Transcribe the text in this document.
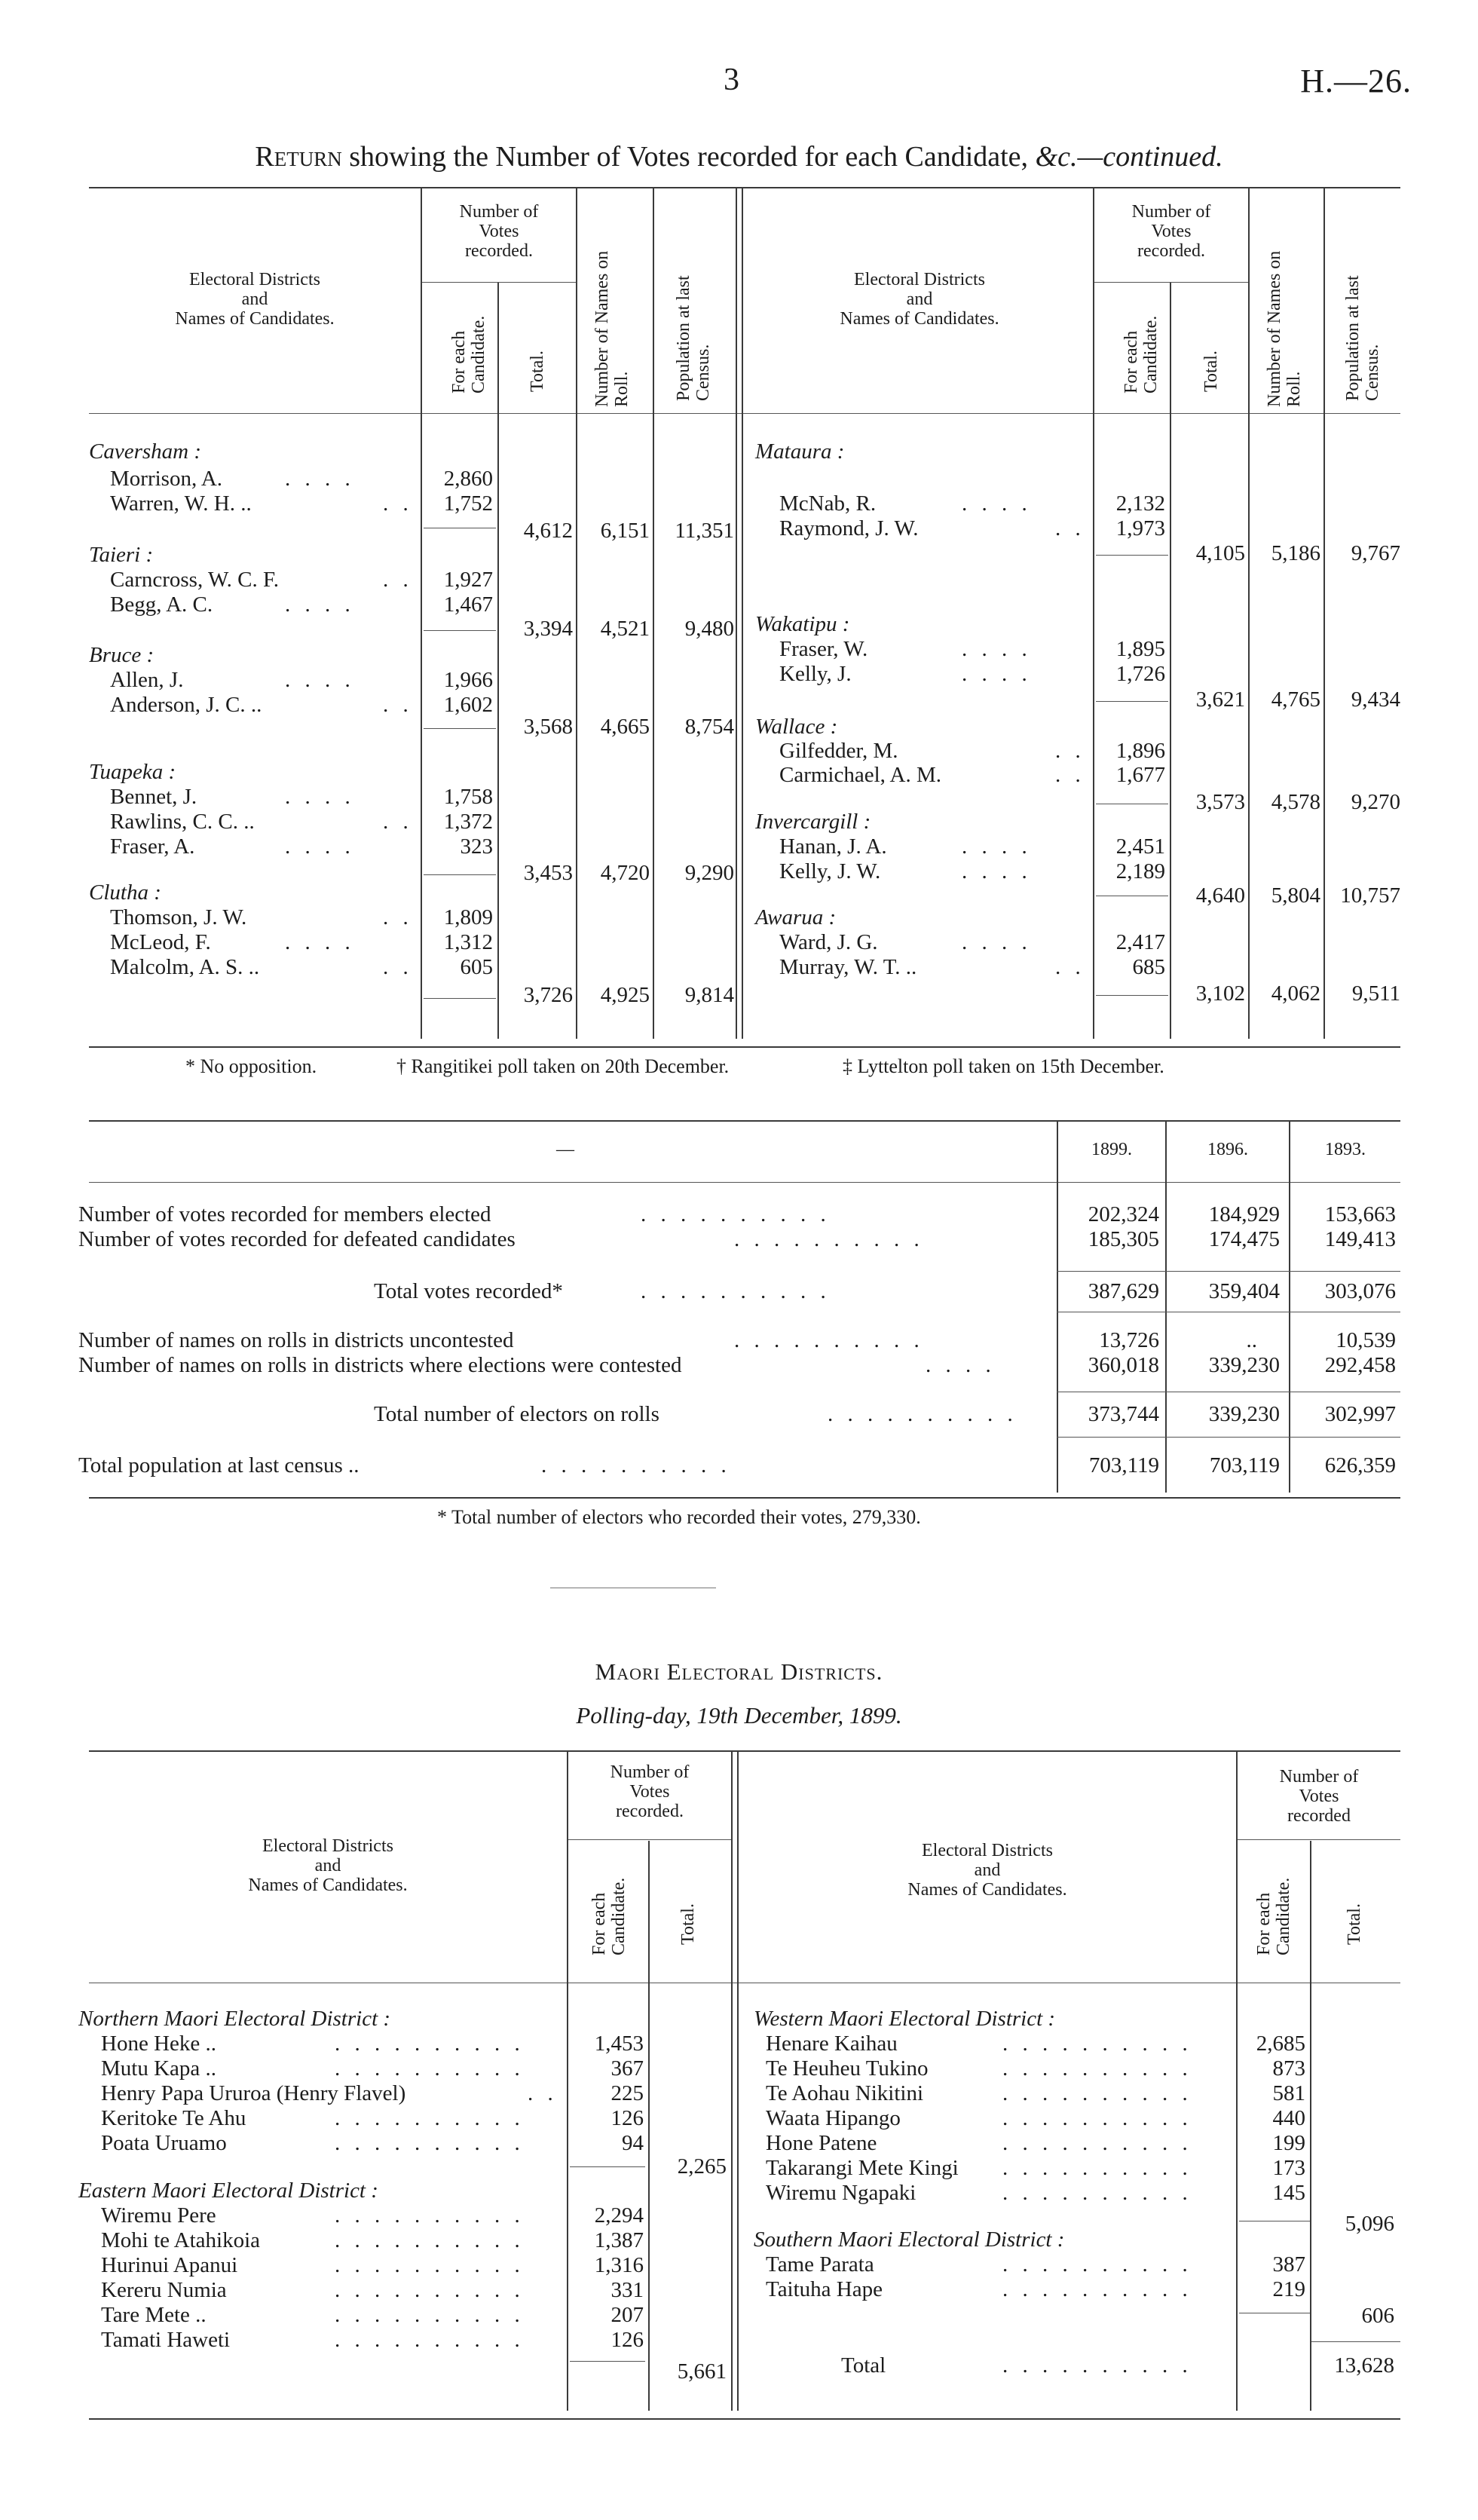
3	H.—26.
Return showing the Number of Votes recorded for each Candidate, &c.—continued.
Electoral Districts
and
Names of Candidates.
Number of
Votes
recorded.
For each Candidate. Total.	Number of Names on Roll. Population at last Census.
Electoral Districts
and
Names of Candidates.
Number of
Votes
recorded.
For each Candidate. Total. Number of Names on Roll. Population at last Census.
Caversham :
Morrison, A.	. . . .	2,860
Warren, W. H. ..	. .	1,752
4,612	6,151	11,351
Taieri :
Carncross, W. C. F.	. .	1,927
Begg, A. C.	. . . .	1,467
3,394	4,521	9,480
Bruce :
Allen, J.	. . . .	1,966
Anderson, J. C. ..	. .	1,602
3,568	4,665	8,754
Tuapeka :
Bennet, J.	. . . .	1,758
Rawlins, C. C. ..	. .	1,372
Fraser, A.	. . . .	323
3,453	4,720	9,290
Clutha :
Thomson, J. W.	. .	1,809
McLeod, F.	. . . .	1,312
Malcolm, A. S. ..	. .	605
3,726	4,925	9,814
Mataura :
McNab, R.	. . . .	2,132
Raymond, J. W.	. .	1,973
4,105	5,186	9,767
Wakatipu :
Fraser, W.	. . . .	1,895
Kelly, J.	. . . .	1,726
3,621	4,765	9,434
Wallace :
Gilfedder, M.	. .	1,896
Carmichael, A. M.	. .	1,677
3,573	4,578	9,270
Invercargill :
Hanan, J. A.	. . . .	2,451
Kelly, J. W.	. . . .	2,189
4,640	5,804 10,757
Awarua :
Ward, J. G.	. . . .	2,417
Murray, W. T. ..	. .	685
3,102	4,062	9,511
* No opposition.	† Rangitikei poll taken on 20th December.	‡ Lyttelton poll taken on 15th December.
—	1899.	1896.	1893.
Number of votes recorded for members elected	. . . . . . . . . .	202,324	184,929	153,663
Number of votes recorded for defeated candidates	. . . . . . . . . .	185,305	174,475	149,413
Total votes recorded*	. . . . . . . . . .	387,629	359,404	303,076
Number of names on rolls in districts uncontested	. . . . . . . . . .	13,726	..	10,539
Number of names on rolls in districts where elections were contested	. . . .	360,018	339,230	292,458
Total number of electors on rolls	. . . . . . . . . .	373,744	339,230	302,997
Total population at last census ..	. . . . . . . . . .	703,119	703,119	626,359
* Total number of electors who recorded their votes, 279,330.
Maori Electoral Districts.
Polling-day, 19th December, 1899.
Electoral Districts
and
Names of Candidates.
Number of
Votes
recorded.
For each Candidate.	Total.
Electoral Districts
and
Names of Candidates.
Number of
Votes
recorded
For each Candidate.	Total.
Northern Maori Electoral District :
Hone Heke ..	. . . . . . . . . .	1,453
Mutu Kapa ..	. . . . . . . . . .	367
Henry Papa Ururoa (Henry Flavel)	. .	225
Keritoke Te Ahu	. . . . . . . . . .	126
Poata Uruamo	. . . . . . . . . .	94
2,265
Eastern Maori Electoral District :
Wiremu Pere	. . . . . . . . . .	2,294
Mohi te Atahikoia	. . . . . . . . . .	1,387
Hurinui Apanui	. . . . . . . . . .	1,316
Kereru Numia	. . . . . . . . . .	331
Tare Mete ..	. . . . . . . . . .	207
Tamati Haweti	. . . . . . . . . .	126
5,661
Western Maori Electoral District :
Henare Kaihau	. . . . . . . . . .	2,685
Te Heuheu Tukino	. . . . . . . . . .	873
Te Aohau Nikitini	. . . . . . . . . .	581
Waata Hipango	. . . . . . . . . .	440
Hone Patene	. . . . . . . . . .	199
Takarangi Mete Kingi . . . . . . . . . .	173
Wiremu Ngapaki	. . . . . . . . . .	145
5,096
Southern Maori Electoral District :
Tame Parata	. . . . . . . . . .	387
Taituha Hape	. . . . . . . . . .	219
606
Total	. . . . . . . . . .	13,628
